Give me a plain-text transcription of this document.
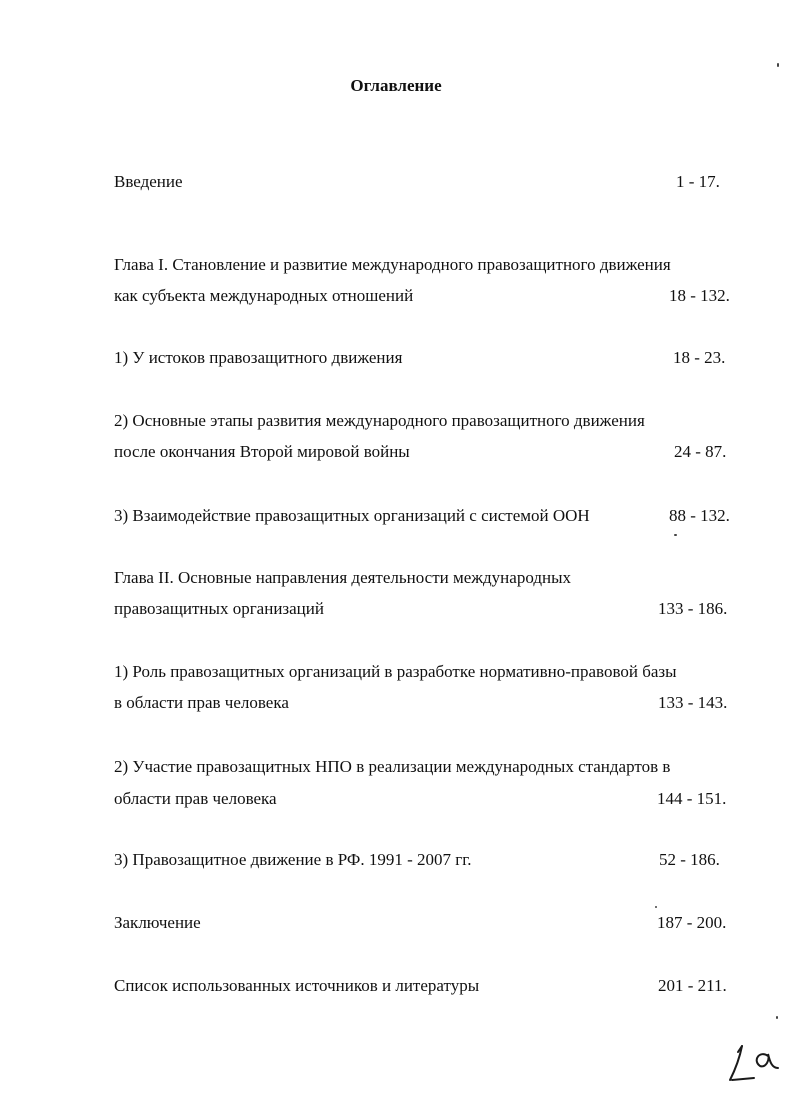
Оглавление
Введение	1 - 17.
Глава I. Становление и развитие международного правозащитного движения
как субъекта международных отношений	18 - 132.
1) У истоков правозащитного движения	18 - 23.
2) Основные этапы развития международного правозащитного движения
после окончания Второй мировой войны	24 - 87.
3) Взаимодействие правозащитных организаций с системой ООН	88 - 132.
Глава II. Основные направления деятельности международных
правозащитных организаций	133 - 186.
1) Роль правозащитных организаций в разработке нормативно-правовой базы
в области прав человека	133 - 143.
2) Участие правозащитных НПО в реализации международных стандартов в
области прав человека	144 - 151.
3) Правозащитное движение в РФ. 1991 - 2007 гг.	52 - 186.
Заключение	187 - 200.
Список использованных источников и литературы	201 - 211.
